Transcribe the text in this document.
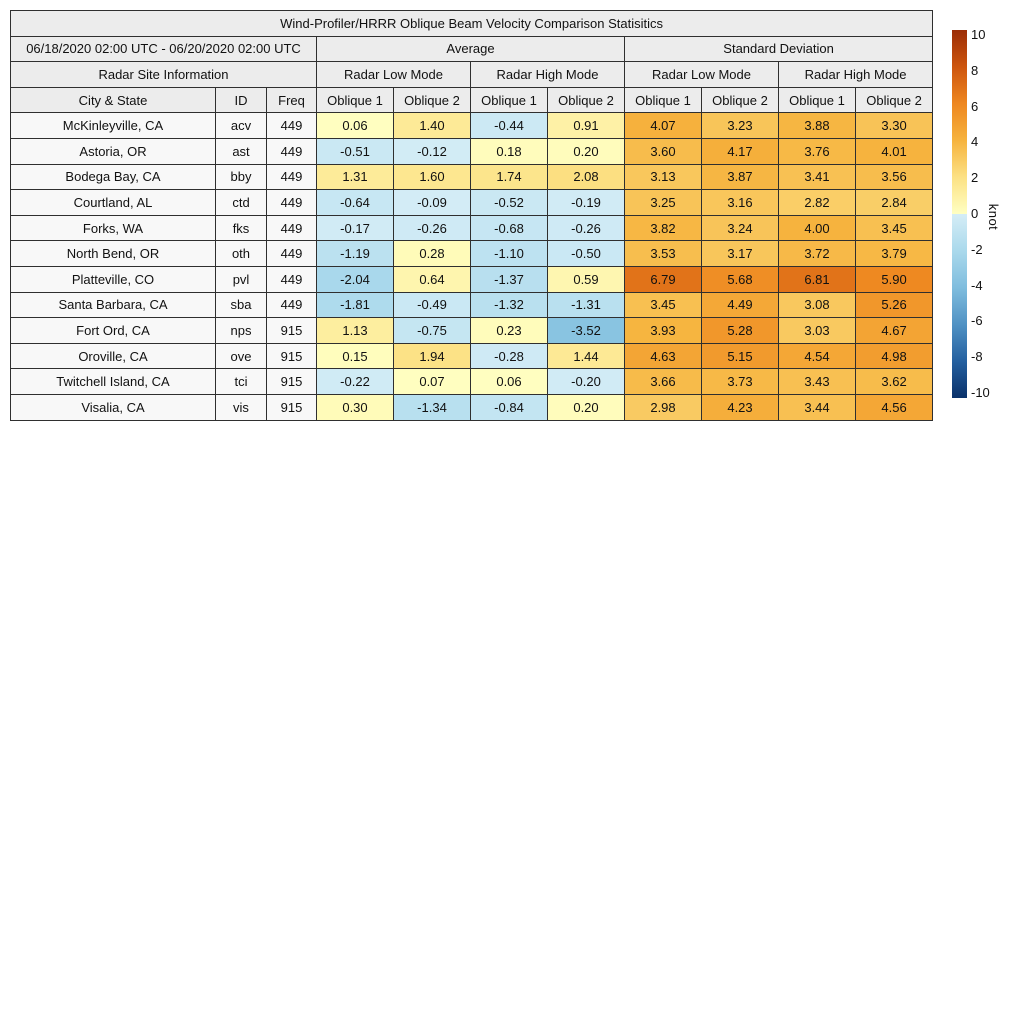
Wind-Profiler/HRRR Oblique Beam Velocity Comparison Statisitics										
06/18/2020 02:00 UTC - 06/20/2020 02:00 UTC			Average				Standard Deviation			
Radar Site Information			Radar Low Mode		Radar High Mode		Radar Low Mode		Radar High Mode	
City & State	ID	Freq	Oblique 1	Oblique 2	Oblique 1	Oblique 2	Oblique 1	Oblique 2	Oblique 1	Oblique 2
McKinleyville, CA	acv	449	0.06	1.40	-0.44	0.91	4.07	3.23	3.88	3.30
Astoria, OR	ast	449	-0.51	-0.12	0.18	0.20	3.60	4.17	3.76	4.01
Bodega Bay, CA	bby	449	1.31	1.60	1.74	2.08	3.13	3.87	3.41	3.56
Courtland, AL	ctd	449	-0.64	-0.09	-0.52	-0.19	3.25	3.16	2.82	2.84
Forks, WA	fks	449	-0.17	-0.26	-0.68	-0.26	3.82	3.24	4.00	3.45
North Bend, OR	oth	449	-1.19	0.28	-1.10	-0.50	3.53	3.17	3.72	3.79
Platteville, CO	pvl	449	-2.04	0.64	-1.37	0.59	6.79	5.68	6.81	5.90
Santa Barbara, CA	sba	449	-1.81	-0.49	-1.32	-1.31	3.45	4.49	3.08	5.26
Fort Ord, CA	nps	915	1.13	-0.75	0.23	-3.52	3.93	5.28	3.03	4.67
Oroville, CA	ove	915	0.15	1.94	-0.28	1.44	4.63	5.15	4.54	4.98
Twitchell Island, CA	tci	915	-0.22	0.07	0.06	-0.20	3.66	3.73	3.43	3.62
Visalia, CA	vis	915	0.30	-1.34	-0.84	0.20	2.98	4.23	3.44	4.56
10
8
6
4
2
0
-2
-4
-6
-8
-10
knot
